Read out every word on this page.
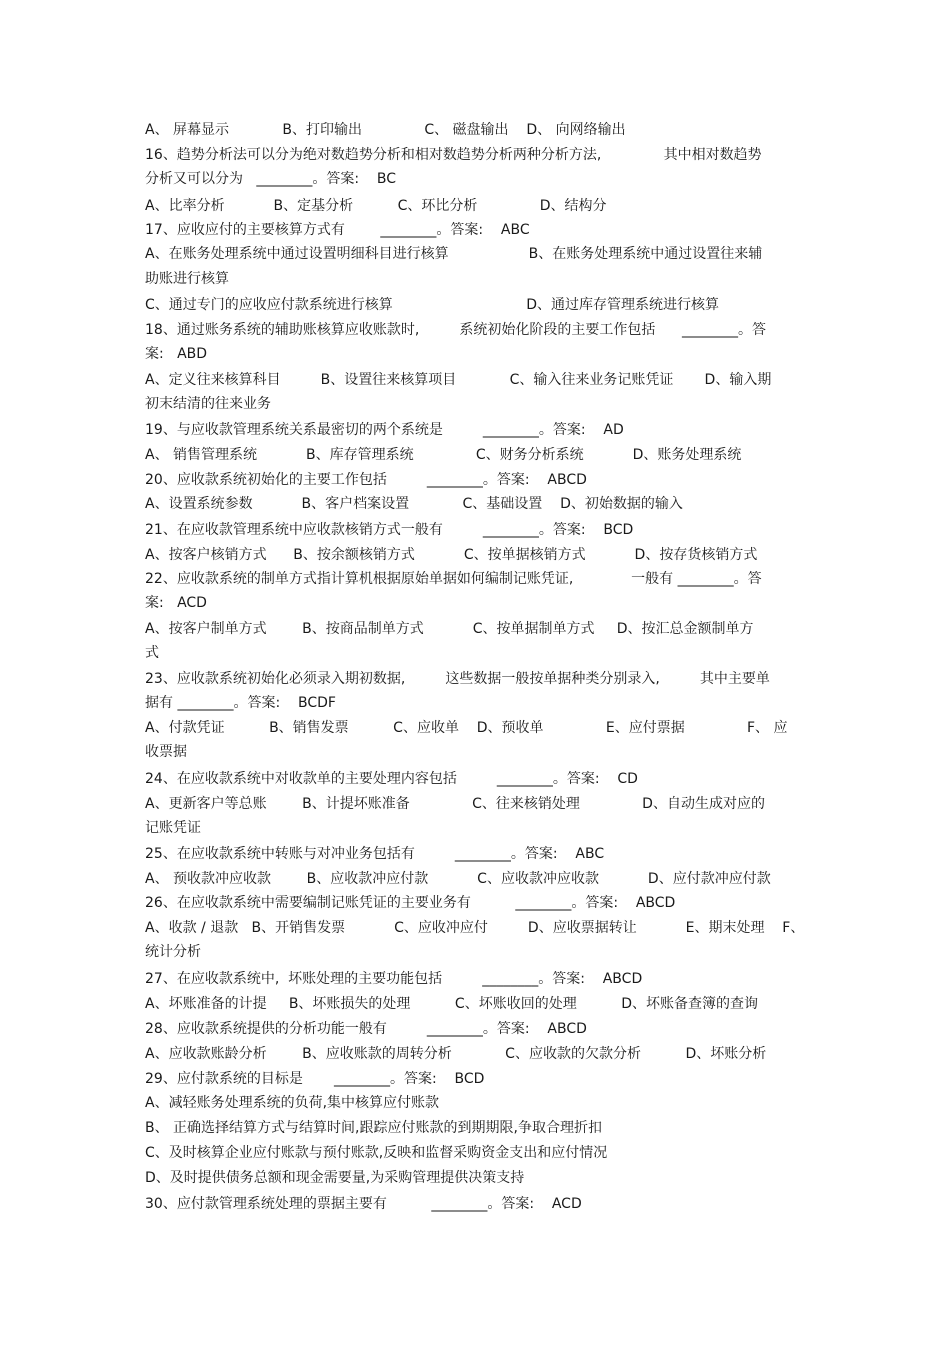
A、 屏幕显示            B、打印输出              C、 磁盘输出    D、 向网络输出
16、趋势分析法可以分为绝对数趋势分析和相对数趋势分析两种分析方法,              其中相对数趋势
分析又可以分为   ________。答案:    BC
A、比率分析           B、定基分析          C、环比分析              D、结构分
17、应收应付的主要核算方式有        ________。答案:    ABC
A、在账务处理系统中通过设置明细科目进行核算                  B、在账务处理系统中通过设置往来辅
助账进行核算
C、通过专门的应收应付款系统进行核算                              D、通过库存管理系统进行核算
18、通过账务系统的辅助账核算应收账款时,         系统初始化阶段的主要工作包括      ________。答
案:   ABD
A、定义往来核算科目         B、设置往来核算项目            C、输入往来业务记账凭证       D、输入期
初末结清的往来业务
19、与应收款管理系统关系最密切的两个系统是         ________。答案:    AD
A、 销售管理系统           B、库存管理系统              C、财务分析系统           D、账务处理系统
20、应收款系统初始化的主要工作包括         ________。答案:    ABCD
A、设置系统参数           B、客户档案设置            C、基础设置    D、初始数据的输入
21、在应收款管理系统中应收款核销方式一般有         ________。答案:    BCD
A、按客户核销方式      B、按余额核销方式           C、按单据核销方式           D、按存货核销方式
22、应收款系统的制单方式指计算机根据原始单据如何编制记账凭证,             一般有 ________。答
案:   ACD
A、按客户制单方式        B、按商品制单方式           C、按单据制单方式     D、按汇总金额制单方
式
23、应收款系统初始化必须录入期初数据,         这些数据一般按单据种类分别录入,         其中主要单
据有 ________。答案:    BCDF
A、付款凭证          B、销售发票          C、应收单    D、预收单              E、应付票据              F、 应
收票据
24、在应收款系统中对收款单的主要处理内容包括         ________。答案:    CD
A、更新客户等总账        B、计提坏账准备              C、往来核销处理              D、自动生成对应的
记账凭证
25、在应收款系统中转账与对冲业务包括有         ________。答案:    ABC
A、 预收款冲应收款        B、应收款冲应付款           C、应收款冲应收款           D、应付款冲应付款
26、在应收款系统中需要编制记账凭证的主要业务有          ________。答案:    ABCD
A、收款 / 退款   B、开销售发票           C、应收冲应付         D、应收票据转让           E、期末处理    F、
统计分析
27、在应收款系统中,  坏账处理的主要功能包括         ________。答案:    ABCD
A、坏账准备的计提     B、坏账损失的处理          C、坏账收回的处理          D、坏账备查簿的查询
28、应收款系统提供的分析功能一般有         ________。答案:    ABCD
A、应收款账龄分析        B、应收账款的周转分析            C、应收款的欠款分析          D、坏账分析
29、应付款系统的目标是       ________。答案:    BCD
A、减轻账务处理系统的负荷,集中核算应付账款
B、 正确选择结算方式与结算时间,跟踪应付账款的到期期限,争取合理折扣
C、及时核算企业应付账款与预付账款,反映和监督采购资金支出和应付情况
D、及时提供债务总额和现金需要量,为采购管理提供决策支持
30、应付款管理系统处理的票据主要有          ________。答案:    ACD
